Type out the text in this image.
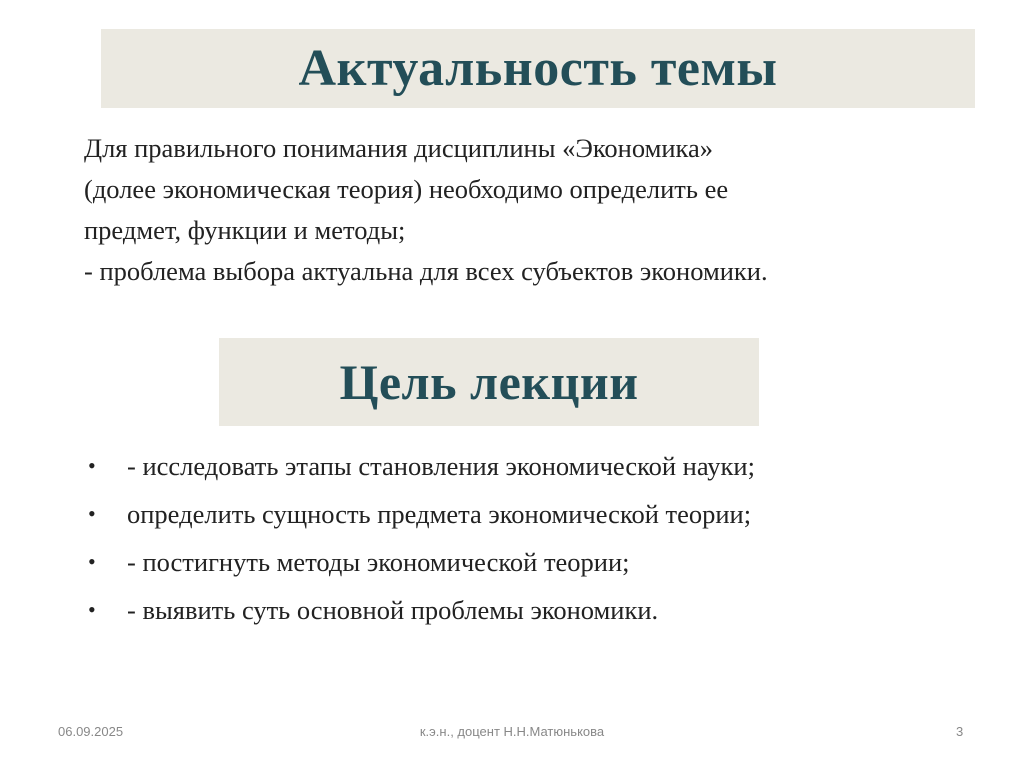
Актуальность темы

Для правильного понимания дисциплины «Экономика»

(долее экономическая теория) необходимо определить ее

предмет, функции и методы;

- проблема выбора актуальна для всех субъектов экономики.

Цель лекции
• - исследовать этапы становления экономической науки;
• определить сущность предмета экономической теории;
• - постигнуть методы экономической теории;
• - выявить суть основной проблемы экономики.
06.09.2025	к.э.н., доцент Н.Н.Матюнькова	3
